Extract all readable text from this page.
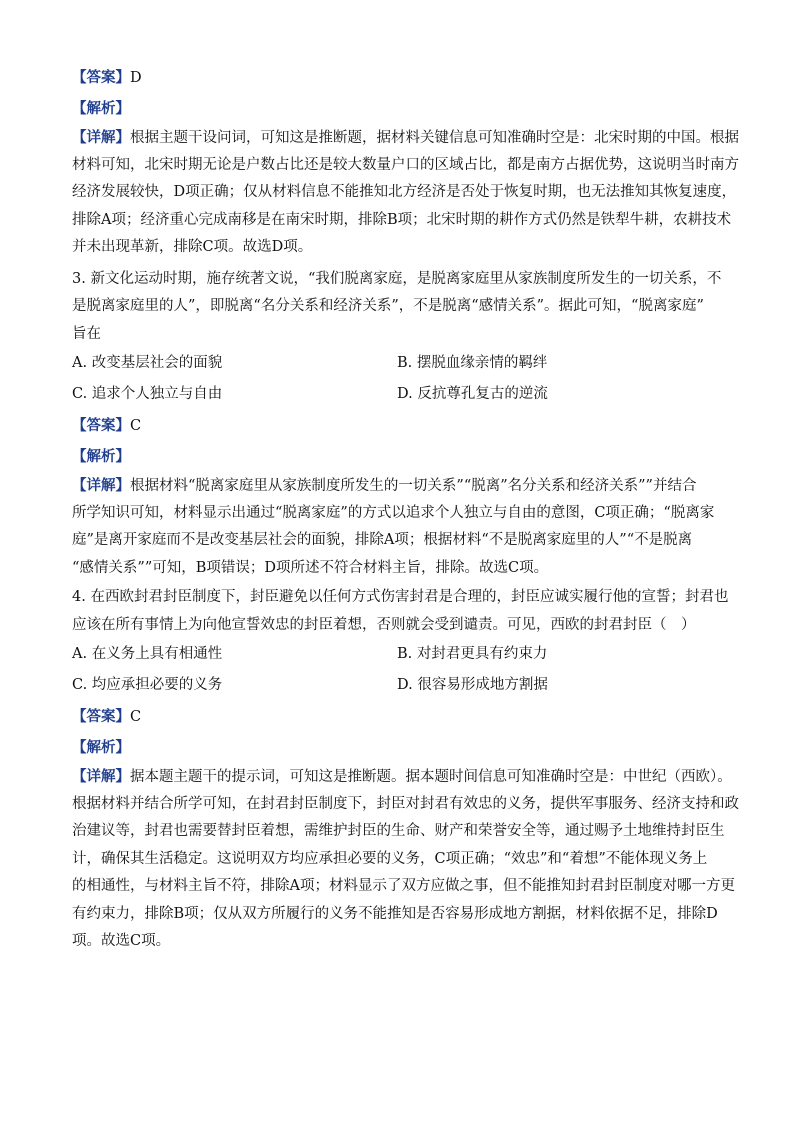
【答案】D
【解析】
【详解】根据主题干设问词，可知这是推断题，据材料关键信息可知准确时空是：北宋时期的中国。根据
材料可知，北宋时期无论是户数占比还是较大数量户口的区域占比，都是南方占据优势，这说明当时南方
经济发展较快，D项正确；仅从材料信息不能推知北方经济是否处于恢复时期，也无法推知其恢复速度，
排除A项；经济重心完成南移是在南宋时期，排除B项；北宋时期的耕作方式仍然是铁犁牛耕，农耕技术
并未出现革新，排除C项。故选D项。
3. 新文化运动时期，施存统著文说，“我们脱离家庭，是脱离家庭里从家族制度所发生的一切关系，不
是脱离家庭里的人”，即脱离“名分关系和经济关系”，不是脱离“感情关系”。据此可知，“脱离家庭”
旨在
A. 改变基层社会的面貌	B. 摆脱血缘亲情的羁绊
C. 追求个人独立与自由	D. 反抗尊孔复古的逆流
【答案】C
【解析】
【详解】根据材料“脱离家庭里从家族制度所发生的一切关系”“脱离”名分关系和经济关系””并结合
所学知识可知，材料显示出通过“脱离家庭”的方式以追求个人独立与自由的意图，C项正确；“脱离家
庭”是离开家庭而不是改变基层社会的面貌，排除A项；根据材料“不是脱离家庭里的人”“不是脱离
“感情关系””可知，B项错误；D项所述不符合材料主旨，排除。故选C项。
4. 在西欧封君封臣制度下，封臣避免以任何方式伤害封君是合理的，封臣应诚实履行他的宣誓；封君也
应该在所有事情上为向他宣誓效忠的封臣着想，否则就会受到谴责。可见，西欧的封君封臣（　）
A. 在义务上具有相通性	B. 对封君更具有约束力
C. 均应承担必要的义务	D. 很容易形成地方割据
【答案】C
【解析】
【详解】据本题主题干的提示词，可知这是推断题。据本题时间信息可知准确时空是：中世纪（西欧）。
根据材料并结合所学可知，在封君封臣制度下，封臣对封君有效忠的义务，提供军事服务、经济支持和政
治建议等，封君也需要替封臣着想，需维护封臣的生命、财产和荣誉安全等，通过赐予土地维持封臣生
计，确保其生活稳定。这说明双方均应承担必要的义务，C项正确；“效忠”和“着想”不能体现义务上
的相通性，与材料主旨不符，排除A项；材料显示了双方应做之事，但不能推知封君封臣制度对哪一方更
有约束力，排除B项；仅从双方所履行的义务不能推知是否容易形成地方割据，材料依据不足，排除D
项。故选C项。
